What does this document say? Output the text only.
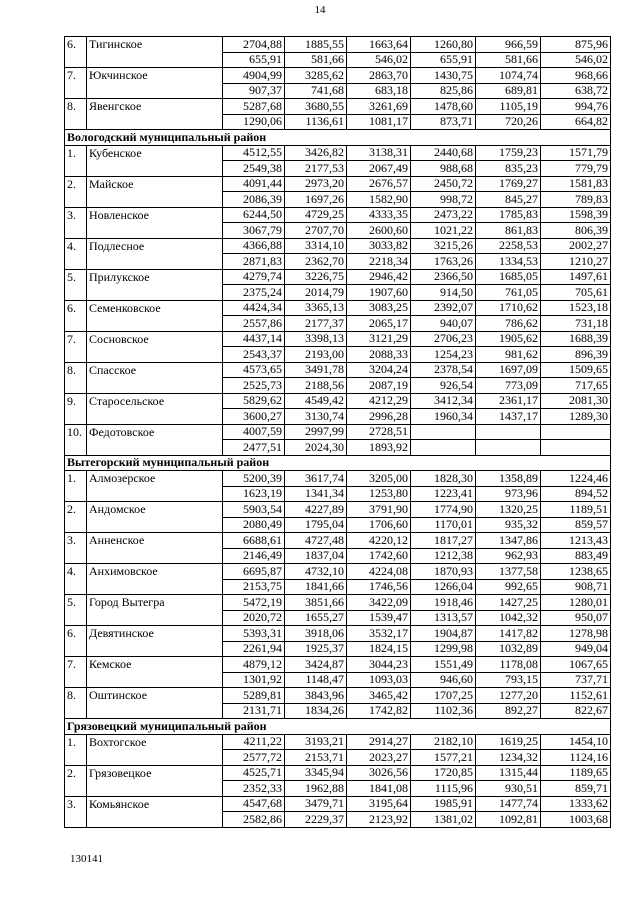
14
6.	Тигинское	2704,88	1885,55	1663,64	1260,80	966,59	875,96
		655,91	581,66	546,02	655,91	581,66	546,02
7.	Юкчинское	4904,99	3285,62	2863,70	1430,75	1074,74	968,66
		907,37	741,68	683,18	825,86	689,81	638,72
8.	Явенгское	5287,68	3680,55	3261,69	1478,60	1105,19	994,76
		1290,06	1136,61	1081,17	873,71	720,26	664,82
Вологодский муниципальный район							
1.	Кубенское	4512,55	3426,82	3138,31	2440,68	1759,23	1571,79
		2549,38	2177,53	2067,49	988,68	835,23	779,79
2.	Майское	4091,44	2973,20	2676,57	2450,72	1769,27	1581,83
		2086,39	1697,26	1582,90	998,72	845,27	789,83
3.	Новленское	6244,50	4729,25	4333,35	2473,22	1785,83	1598,39
		3067,79	2707,70	2600,60	1021,22	861,83	806,39
4.	Подлесное	4366,88	3314,10	3033,82	3215,26	2258,53	2002,27
		2871,83	2362,70	2218,34	1763,26	1334,53	1210,27
5.	Прилукское	4279,74	3226,75	2946,42	2366,50	1685,05	1497,61
		2375,24	2014,79	1907,60	914,50	761,05	705,61
6.	Семенковское	4424,34	3365,13	3083,25	2392,07	1710,62	1523,18
		2557,86	2177,37	2065,17	940,07	786,62	731,18
7.	Сосновское	4437,14	3398,13	3121,29	2706,23	1905,62	1688,39
		2543,37	2193,00	2088,33	1254,23	981,62	896,39
8.	Спасское	4573,65	3491,78	3204,24	2378,54	1697,09	1509,65
		2525,73	2188,56	2087,19	926,54	773,09	717,65
9.	Старосельское	5829,62	4549,42	4212,29	3412,34	2361,17	2081,30
		3600,27	3130,74	2996,28	1960,34	1437,17	1289,30
10.	Федотовское	4007,59	2997,99	2728,51			
		2477,51	2024,30	1893,92			
Вытегорский муниципальный район							
1.	Алмозерское	5200,39	3617,74	3205,00	1828,30	1358,89	1224,46
		1623,19	1341,34	1253,80	1223,41	973,96	894,52
2.	Андомское	5903,54	4227,89	3791,90	1774,90	1320,25	1189,51
		2080,49	1795,04	1706,60	1170,01	935,32	859,57
3.	Анненское	6688,61	4727,48	4220,12	1817,27	1347,86	1213,43
		2146,49	1837,04	1742,60	1212,38	962,93	883,49
4.	Анхимовское	6695,87	4732,10	4224,08	1870,93	1377,58	1238,65
		2153,75	1841,66	1746,56	1266,04	992,65	908,71
5.	Город Вытегра	5472,19	3851,66	3422,09	1918,46	1427,25	1280,01
		2020,72	1655,27	1539,47	1313,57	1042,32	950,07
6.	Девятинское	5393,31	3918,06	3532,17	1904,87	1417,82	1278,98
		2261,94	1925,37	1824,15	1299,98	1032,89	949,04
7.	Кемское	4879,12	3424,87	3044,23	1551,49	1178,08	1067,65
		1301,92	1148,47	1093,03	946,60	793,15	737,71
8.	Оштинское	5289,81	3843,96	3465,42	1707,25	1277,20	1152,61
		2131,71	1834,26	1742,82	1102,36	892,27	822,67
Грязовецкий муниципальный район							
1.	Вохтогское	4211,22	3193,21	2914,27	2182,10	1619,25	1454,10
		2577,72	2153,71	2023,27	1577,21	1234,32	1124,16
2.	Грязовецкое	4525,71	3345,94	3026,56	1720,85	1315,44	1189,65
		2352,33	1962,88	1841,08	1115,96	930,51	859,71
3.	Комьянское	4547,68	3479,71	3195,64	1985,91	1477,74	1333,62
		2582,86	2229,37	2123,92	1381,02	1092,81	1003,68
130141
